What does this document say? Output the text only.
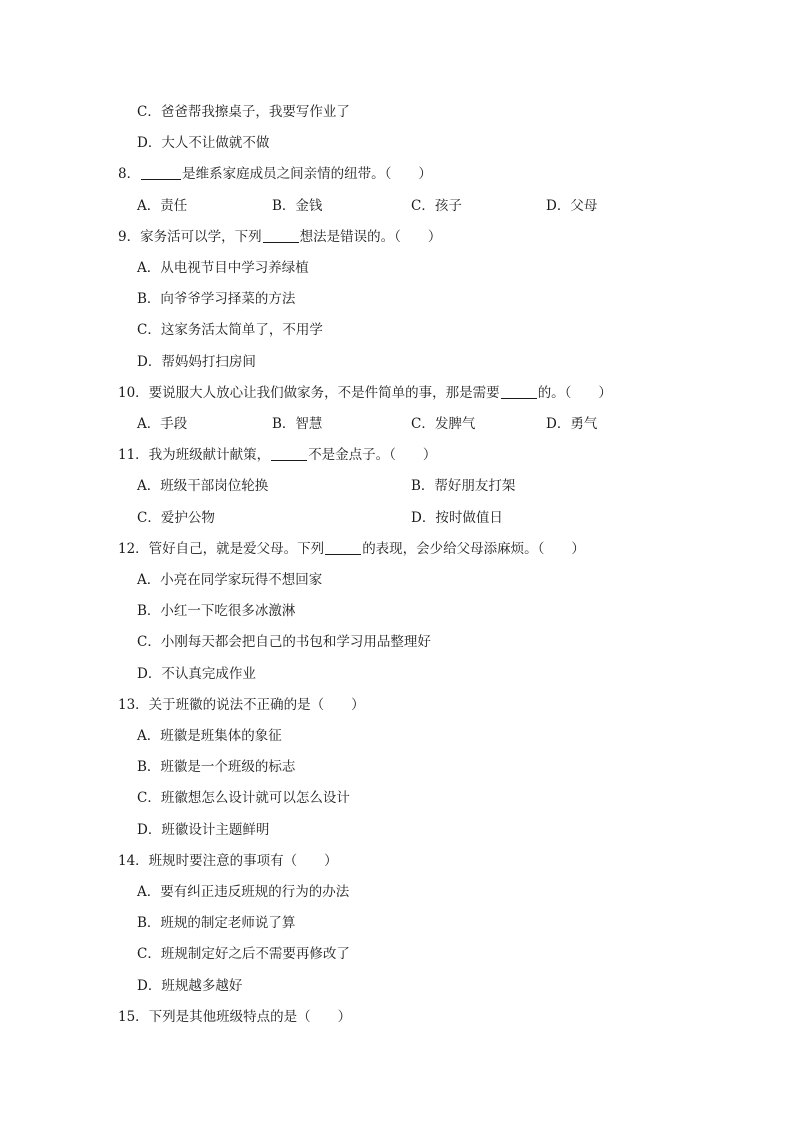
C．爸爸帮我擦桌子，我要写作业了
D．大人不让做就不做
8．	是维系家庭成员之间亲情的纽带。（　　）
A．责任	B．金钱	C．孩子	D．父母
9．家务活可以学，下列	想法是错误的。（　　）
A．从电视节目中学习养绿植
B．向爷爷学习择菜的方法
C．这家务活太简单了，不用学
D．帮妈妈打扫房间
10．要说服大人放心让我们做家务，不是件简单的事，那是需要	的。（　　）
A．手段	B．智慧	C．发脾气	D．勇气
11．我为班级献计献策，	不是金点子。（　　）
A．班级干部岗位轮换	B．帮好朋友打架
C．爱护公物	D．按时做值日
12．管好自己，就是爱父母。下列	的表现，会少给父母添麻烦。（　　）
A．小亮在同学家玩得不想回家
B．小红一下吃很多冰激淋
C．小刚每天都会把自己的书包和学习用品整理好
D．不认真完成作业
13．关于班徽的说法不正确的是（　　）
A．班徽是班集体的象征
B．班徽是一个班级的标志
C．班徽想怎么设计就可以怎么设计
D．班徽设计主题鲜明
14．班规时要注意的事项有（　　）
A．要有纠正违反班规的行为的办法
B．班规的制定老师说了算
C．班规制定好之后不需要再修改了
D．班规越多越好
15．下列是其他班级特点的是（　　）
